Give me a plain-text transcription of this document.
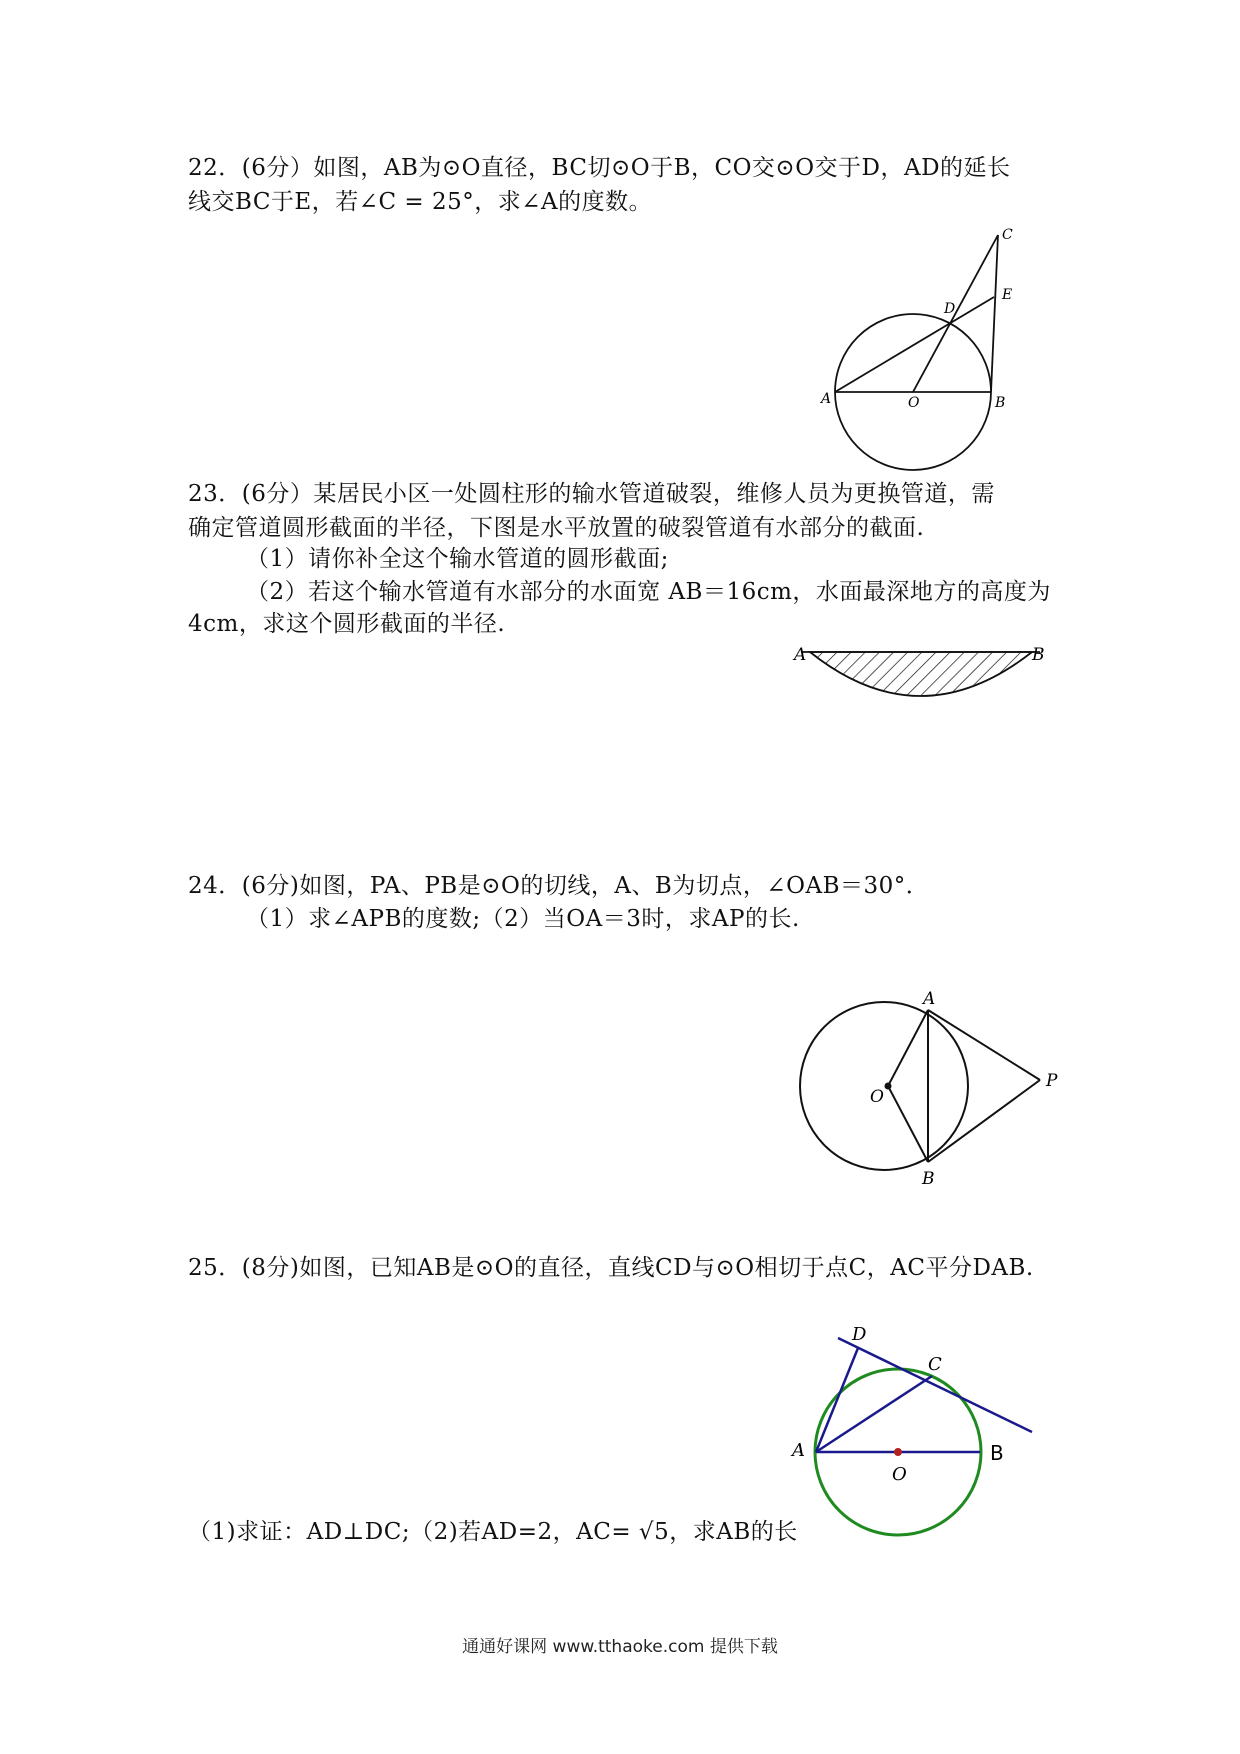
22．(6分）如图，AB为⊙O直径，BC切⊙O于B，CO交⊙O交于D，AD的延长
线交BC于E，若∠C = 25°，求∠A的度数。
C
E
D
A	O	B
23．(6分）某居民小区一处圆柱形的输水管道破裂，维修人员为更换管道，需
确定管道圆形截面的半径，下图是水平放置的破裂管道有水部分的截面.
（1）请你补全这个输水管道的圆形截面;
（2）若这个输水管道有水部分的水面宽 AB＝16cm，水面最深地方的高度为
4cm，求这个圆形截面的半径.
A	B
24．(6分)如图，PA、PB是⊙O的切线，A、B为切点，∠OAB＝30°．
（1）求∠APB的度数;（2）当OA＝3时，求AP的长.
A
B
O
P
25．(8分)如图，已知AB是⊙O的直径，直线CD与⊙O相切于点C，AC平分DAB.
D
C
A	B
O
（1)求证：AD⊥DC;（2)若AD=2，AC= √5，求AB的长
通通好课网 www.tthaoke.com 提供下载
